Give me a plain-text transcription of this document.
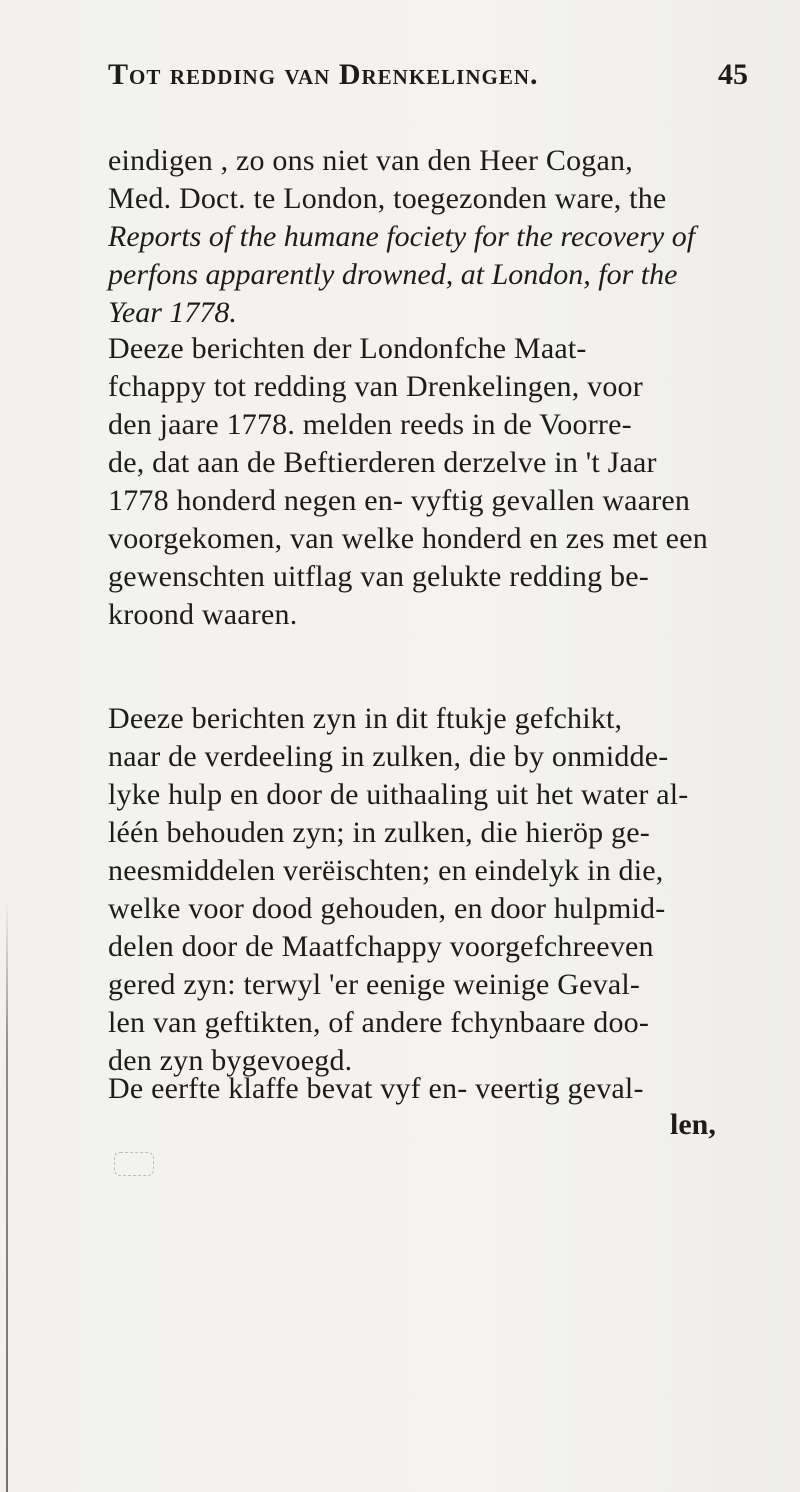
Tot redding van Drenkelingen.	45
eindigen , zo ons niet van den Heer Cogan,
Med. Doct. te London, toegezonden ware, the
Reports of the humane fociety for the recovery of
perfons apparently drowned, at London, for the
Year 1778.
Deeze berichten der Londonfche Maat-
fchappy tot redding van Drenkelingen, voor
den jaare 1778. melden reeds in de Voorre-
de, dat aan de Beftierderen derzelve in 't Jaar
1778 honderd negen en- vyftig gevallen waaren
voorgekomen, van welke honderd en zes met een
gewenschten uitflag van gelukte redding be-
kroond waaren.
Deeze berichten zyn in dit ftukje gefchikt,
naar de verdeeling in zulken, die by onmidde-
lyke hulp en door de uithaaling uit het water al-
léén behouden zyn; in zulken, die hieröp ge-
neesmiddelen verëischten; en eindelyk in die,
welke voor dood gehouden, en door hulpmid-
delen door de Maatfchappy voorgefchreeven
gered zyn: terwyl 'er eenige weinige Geval-
len van geftikten, of andere fchynbaare doo-
den zyn bygevoegd.
De eerfte klaffe bevat vyf en- veertig geval-
len,
